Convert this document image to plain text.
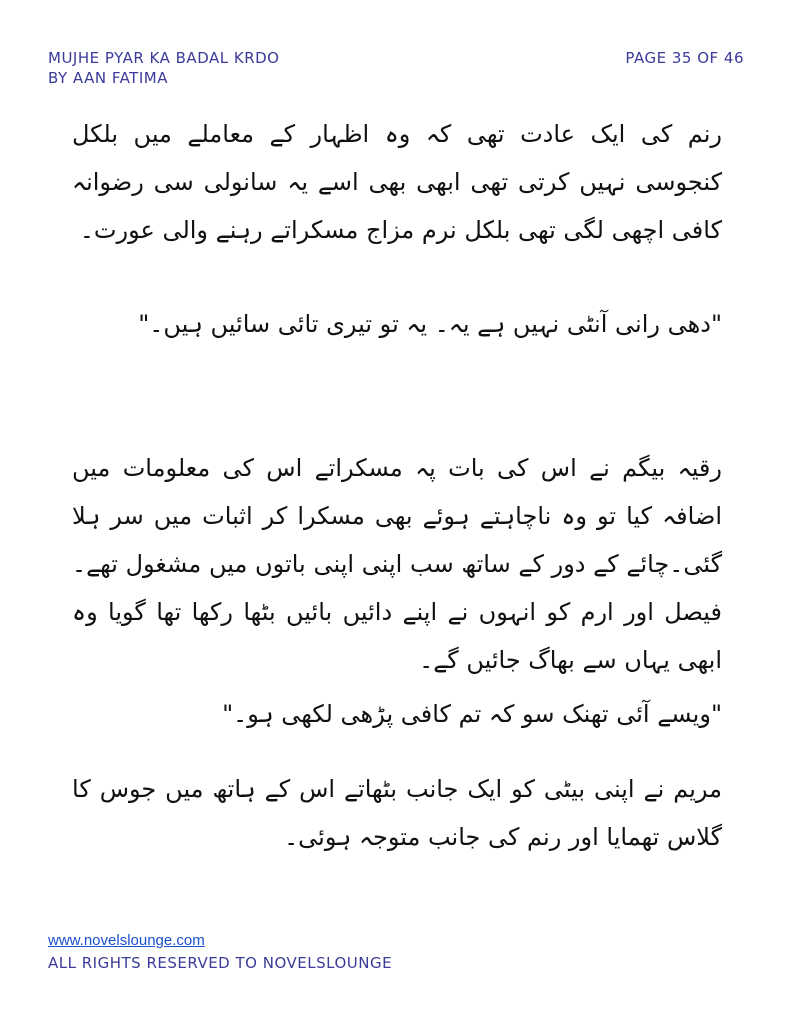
MUJHE PYAR KA BADAL KRDO
BY AAN FATIMA
PAGE 35 OF 46

رنم کی ایک عادت تھی کہ وہ اظہار کے معاملے میں بلکل کنجوسی نہیں کرتی تھی ابھی بھی اسے یہ سانولی سی رضوانہ کافی اچھی لگی تھی بلکل نرم مزاج مسکراتے رہنے والی عورت۔

"دھی رانی آنٹی نہیں ہے یہ۔ یہ تو تیری تائی سائیں ہیں۔"

رقیہ بیگم نے اس کی بات پہ مسکراتے اس کی معلومات میں اضافہ کیا تو وہ ناچاہتے ہوئے بھی مسکرا کر اثبات میں سر ہلا گئی۔چائے کے دور کے ساتھ سب اپنی اپنی باتوں میں مشغول تھے۔فیصل اور ارم کو انہوں نے اپنے دائیں بائیں بٹھا رکھا تھا گویا وہ ابھی یہاں سے بھاگ جائیں گے۔

"ویسے آئی تھنک سو کہ تم کافی پڑھی لکھی ہو۔"

مریم نے اپنی بیٹی کو ایک جانب بٹھاتے اس کے ہاتھ میں جوس کا گلاس تھمایا اور رنم کی جانب متوجہ ہوئی۔

www.novelslounge.com
ALL RIGHTS RESERVED TO NOVELSLOUNGE
